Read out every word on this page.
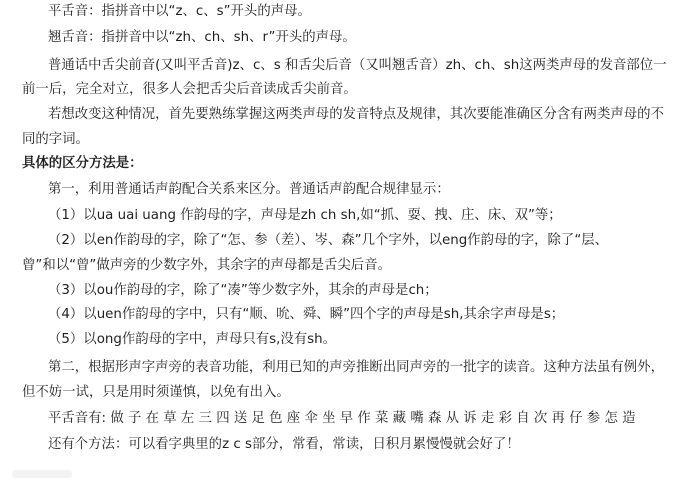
平舌音：指拼音中以“z、c、s”开头的声母。
翘舌音：指拼音中以“zh、ch、sh、r”开头的声母。
普通话中舌尖前音(又叫平舌音)z、c、s 和舌尖后音（又叫翘舌音）zh、ch、sh这两类声母的发音部位一
前一后，完全对立，很多人会把舌尖后音读成舌尖前音。
若想改变这种情况，首先要熟练掌握这两类声母的发音特点及规律，其次要能准确区分含有两类声母的不
同的字词。
具体的区分方法是：
第一，利用普通话声韵配合关系来区分。普通话声韵配合规律显示：
（1）以ua uai uang 作韵母的字，声母是zh ch sh,如“抓、耍、拽、庄、床、双”等；
（2）以en作韵母的字，除了“怎、参（差）、岑、森”几个字外，以eng作韵母的字，除了“层、
曾”和以“曾”做声旁的少数字外，其余字的声母都是舌尖后音。
（3）以ou作韵母的字，除了“凑”等少数字外，其余的声母是ch；
（4）以uen作韵母的字中，只有“顺、吮、舜、瞬”四个字的声母是sh,其余字声母是s；
（5）以ong作韵母的字中，声母只有s,没有sh。
第二，根据形声字声旁的表音功能，利用已知的声旁推断出同声旁的一批字的读音。这种方法虽有例外，
但不妨一试，只是用时须谨慎，以免有出入。
平舌音有: 做 子 在 草 左 三 四 送 足 色 座 伞 坐 早 作 菜 藏 嘴 森 从 诉 走 彩 自 次 再 仔 参 怎 造
还有个方法：可以看字典里的z c s部分，常看，常读，日积月累慢慢就会好了！
